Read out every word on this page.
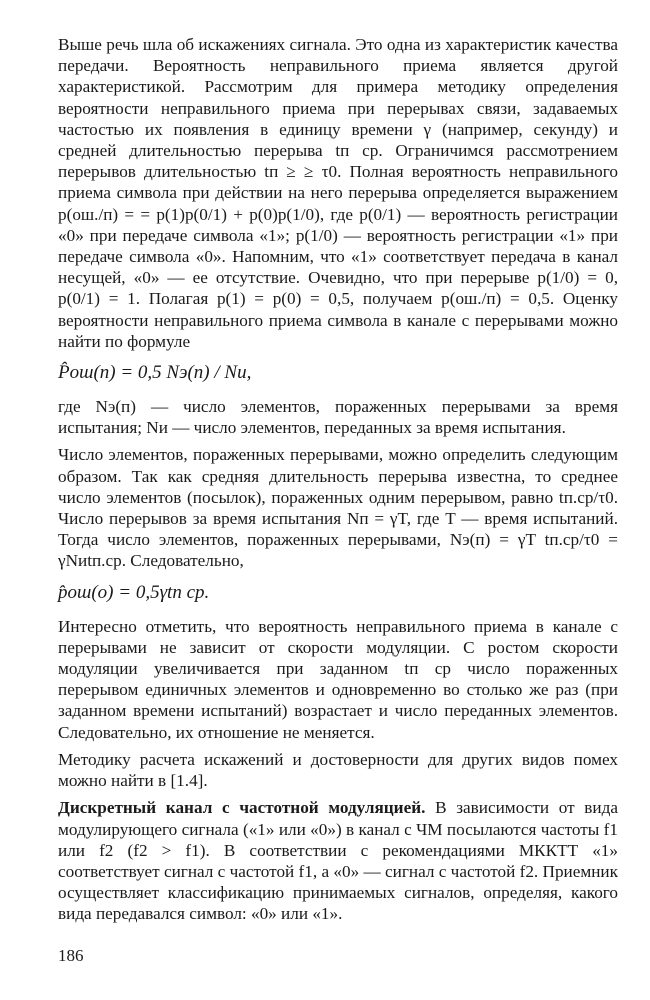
Выше речь шла об искажениях сигнала. Это одна из характеристик качества передачи. Вероятность неправильного приема является другой характеристикой. Рассмотрим для примера методику определения вероятности неправильного приема при перерывах связи, задаваемых частостью их появления в единицу времени γ (например, секунду) и средней длительностью перерыва tп ср. Ограничимся рассмотрением перерывов длительностью tп ≥ ≥ τ0. Полная вероятность неправильного приема символа при действии на него перерыва определяется выражением p(ош./п) = = p(1)p(0/1) + p(0)p(1/0), где p(0/1) — вероятность регистрации «0» при передаче символа «1»; p(1/0) — вероятность регистрации «1» при передаче символа «0». Напомним, что «1» соответствует передача в канал несущей, «0» — ее отсутствие. Очевидно, что при перерыве p(1/0) = 0, p(0/1) = 1. Полагая p(1) = p(0) = 0,5, получаем p(ош./п) = 0,5. Оценку вероятности неправильного приема символа в канале с перерывами можно найти по формуле

P̂ош(п) = 0,5 Nэ(п) / Nи,

где Nэ(п) — число элементов, пораженных перерывами за время испытания; Nи — число элементов, переданных за время испытания.

Число элементов, пораженных перерывами, можно определить следующим образом. Так как средняя длительность перерыва известна, то среднее число элементов (посылок), пораженных одним перерывом, равно tп.ср/τ0. Число перерывов за время испытания Nп = γT, где T — время испытаний. Тогда число элементов, пораженных перерывами, Nэ(п) = γT tп.ср/τ0 = γNиtп.ср. Следовательно,

p̂ош(о) = 0,5γtп ср.

Интересно отметить, что вероятность неправильного приема в канале с перерывами не зависит от скорости модуляции. С ростом скорости модуляции увеличивается при заданном tп ср число пораженных перерывом единичных элементов и одновременно во столько же раз (при заданном времени испытаний) возрастает и число переданных элементов. Следовательно, их отношение не меняется.

Методику расчета искажений и достоверности для других видов помех можно найти в [1.4].

Дискретный канал с частотной модуляцией. В зависимости от вида модулирующего сигнала («1» или «0») в канал с ЧМ посылаются частоты f1 или f2 (f2 > f1). В соответствии с рекомендациями МККТТ «1» соответствует сигнал с частотой f1, а «0» — сигнал с частотой f2. Приемник осуществляет классификацию принимаемых сигналов, определяя, какого вида передавался символ: «0» или «1».

186
